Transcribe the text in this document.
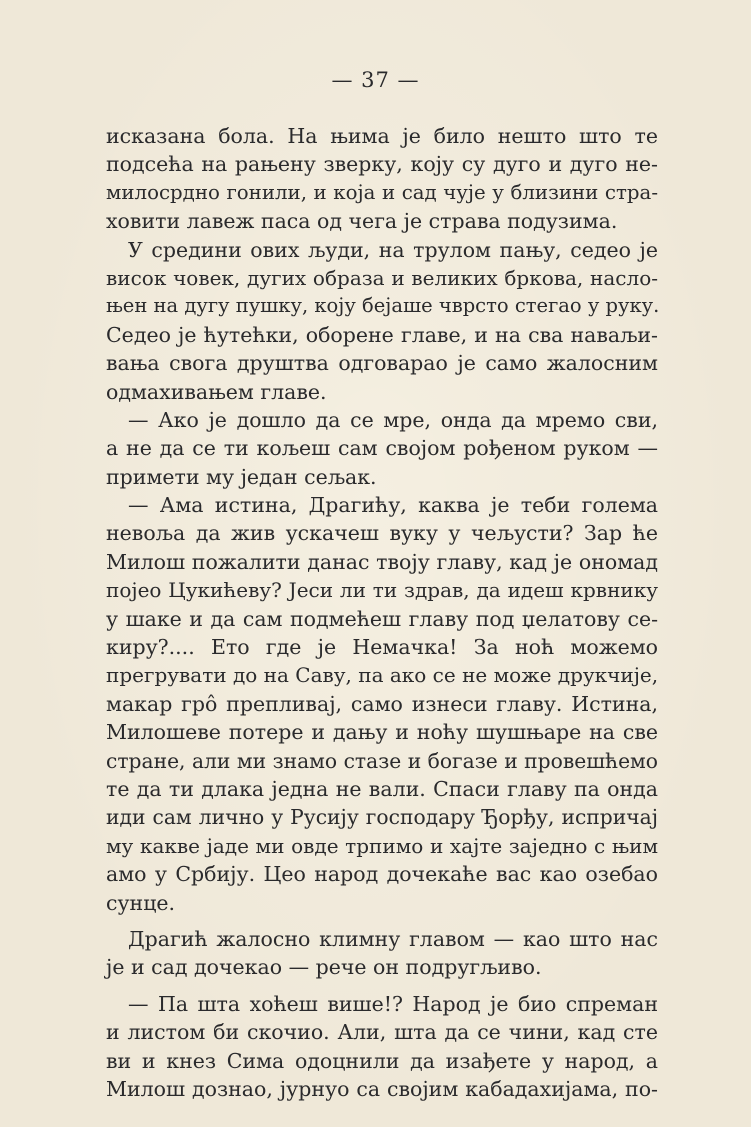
— 37 —
исказана бола. На њима је било нешто што те
подсећа на рањену зверку, коју су дуго и дуго не-
милосрдно гонили, и која и сад чује у близини стра-
ховити лавеж паса од чега је страва подузима.
У средини ових људи, на трулом пању, седео је
висок човек, дугих образа и великих бркова, насло-
њен на дугу пушку, коју бејаше чврсто стегао у руку.
Седео је ћутећки, оборене главе, и на сва наваљи-
вања свога друштва одговарао је само жалосним
одмахивањем главе.
— Ако је дошло да се мре, онда да мремо сви,
а не да се ти кољеш сам својом рођеном руком —
примети му један сељак.
— Ама истина, Драгићу, каква је теби голема
невоља да жив ускачеш вуку у чељусти? Зар ће
Милош пожалити данас твоју главу, кад је ономад
појео Цукићеву? Јеси ли ти здрав, да идеш крвнику
у шаке и да сам подмећеш главу под џелатову се-
киру?.... Ето где је Немачка! За ноћ можемо
прегрувати до на Саву, па ако се не може друкчије,
макар грô препливај, само изнеси главу. Истина,
Милошеве потере и дању и ноћу шушњаре на све
стране, али ми знамо стазе и богазе и провешћемо
те да ти длака једна не вали. Спаси главу па онда
иди сам лично у Русију господару Ђорђу, испричај
му какве јаде ми овде трпимо и хајте заједно с њим
амо у Србију. Цео народ дочекаће вас као озебао
сунце.
Драгић жалосно климну главом — као што нас
је и сад дочекао — рече он подругљиво.
— Па шта хоћеш више!? Народ је био спреман
и листом би скочио. Али, шта да се чини, кад сте
ви и кнез Сима одоцнили да изађете у народ, а
Милош дознао, јурнуо са својим кабадахијама, по-
